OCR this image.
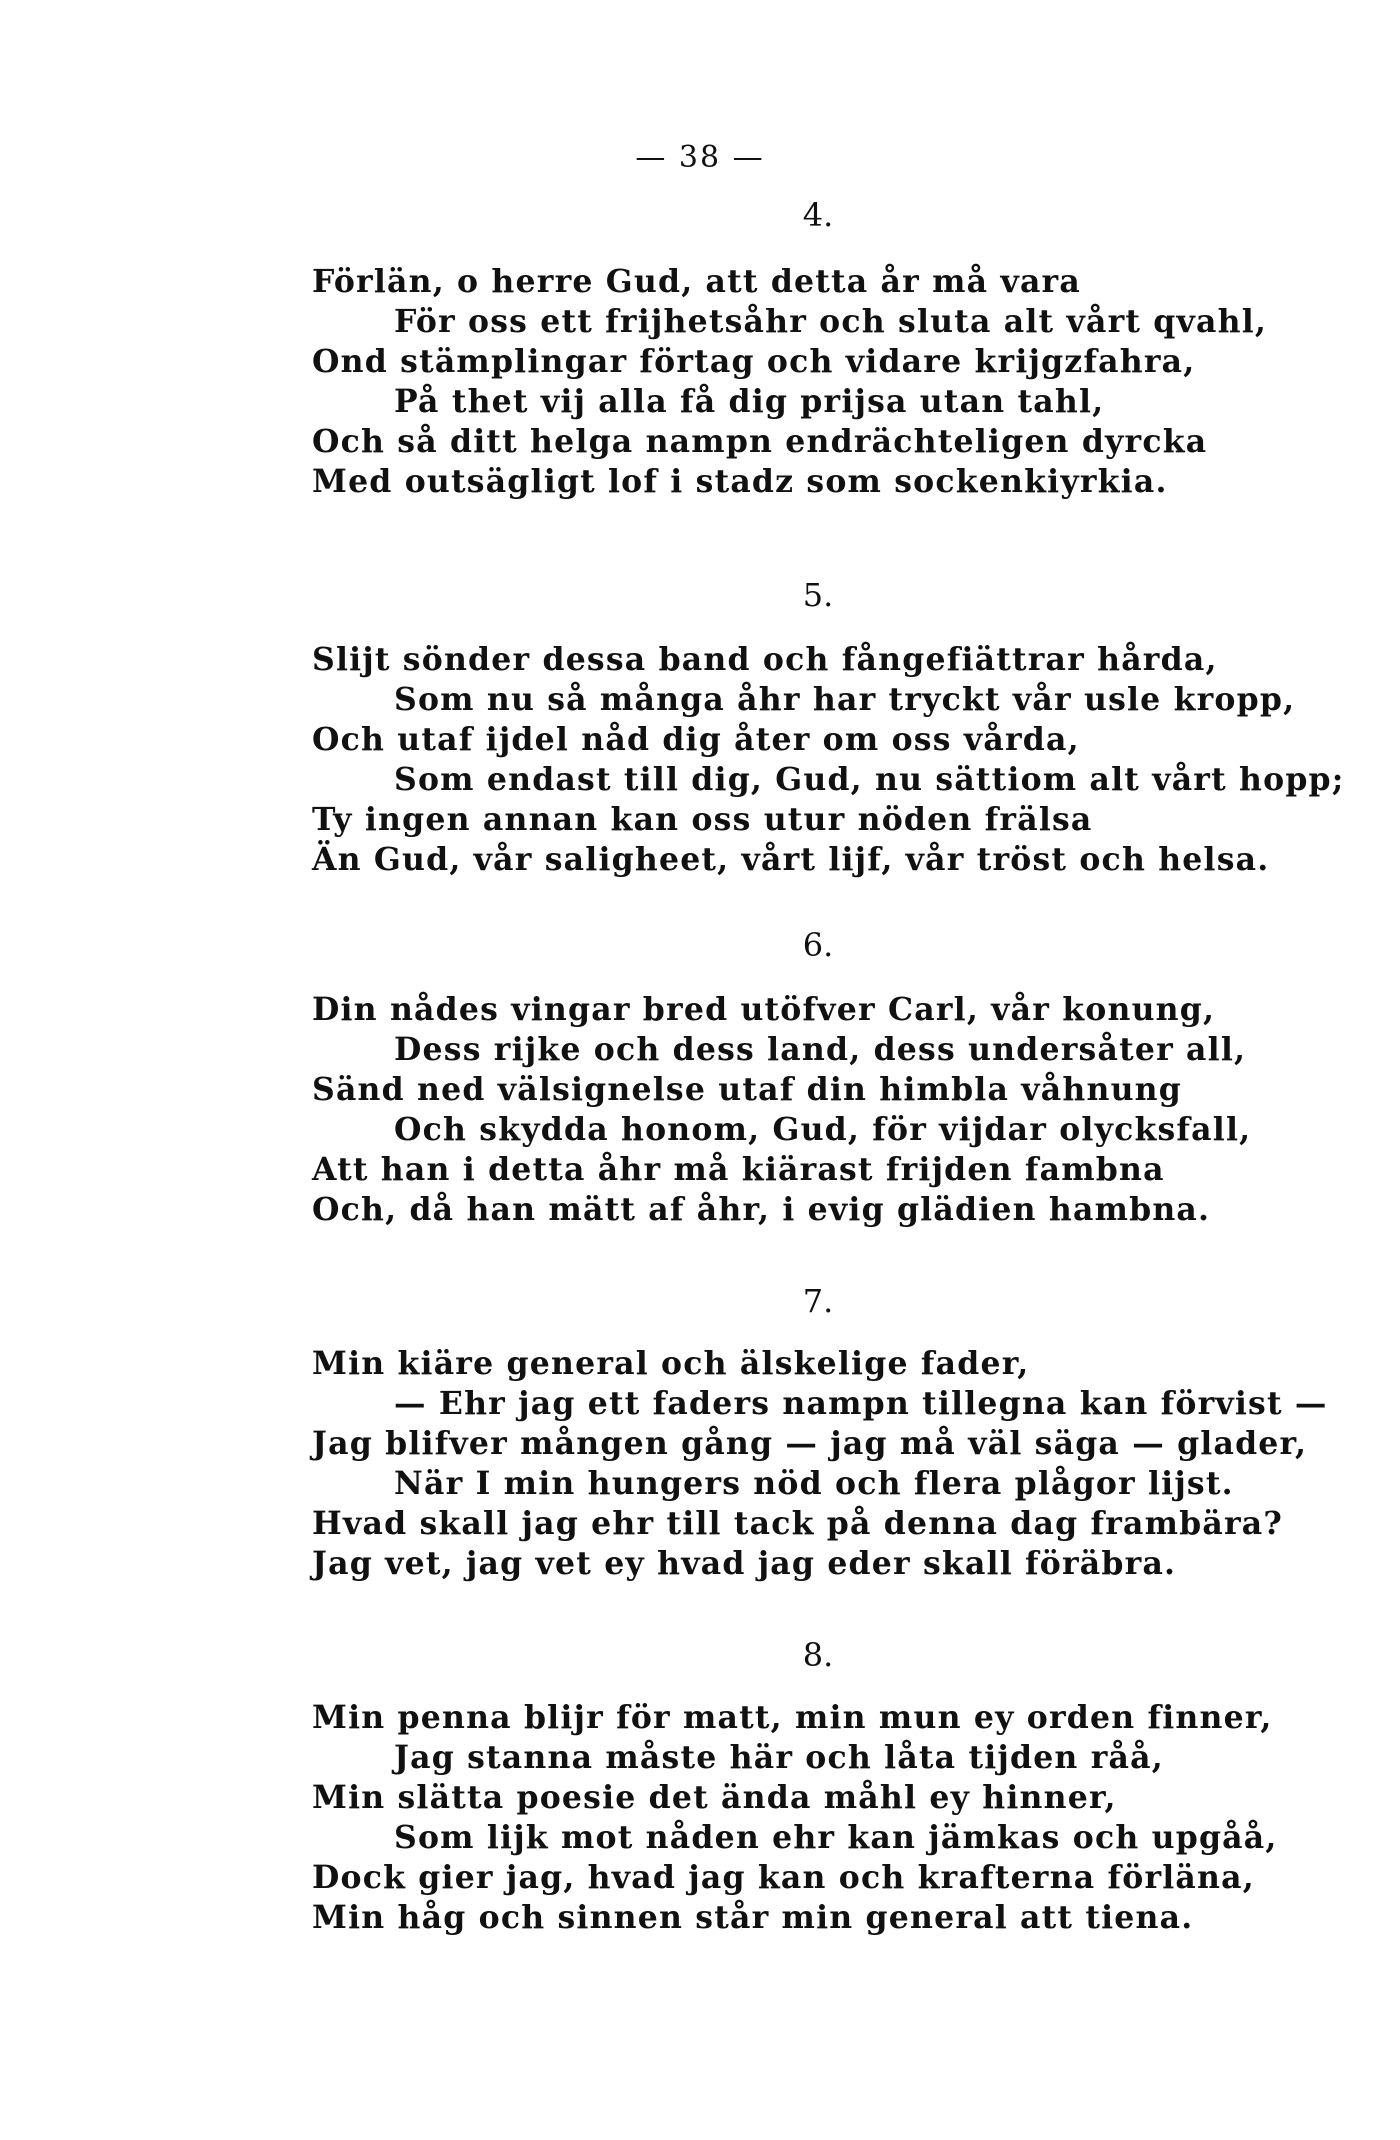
— 38 —
4.
Förlän, o herre Gud, att detta år må vara
För oss ett frijhetsåhr och sluta alt vårt qvahl,
Ond stämplingar förtag och vidare krijgzfahra,
På thet vij alla få dig prijsa utan tahl,
Och så ditt helga nampn endrächteligen dyrcka
Med outsägligt lof i stadz som sockenkiyrkia.
5.
Slijt sönder dessa band och fångefiättrar hårda,
Som nu så många åhr har tryckt vår usle kropp,
Och utaf ijdel nåd dig åter om oss vårda,
Som endast till dig, Gud, nu sättiom alt vårt hopp;
Ty ingen annan kan oss utur nöden frälsa
Än Gud, vår saligheet, vårt lijf, vår tröst och helsa.
6.
Din nådes vingar bred utöfver Carl, vår konung,
Dess rijke och dess land, dess undersåter all,
Sänd ned välsignelse utaf din himbla våhnung
Och skydda honom, Gud, för vijdar olycksfall,
Att han i detta åhr må kiärast frijden fambna
Och, då han mätt af åhr, i evig glädien hambna.
7.
Min kiäre general och älskelige fader,
— Ehr jag ett faders nampn tillegna kan förvist —
Jag blifver mången gång — jag må väl säga — glader,
När I min hungers nöd och flera plågor lijst.
Hvad skall jag ehr till tack på denna dag frambära?
Jag vet, jag vet ey hvad jag eder skall föräbra.
8.
Min penna blijr för matt, min mun ey orden finner,
Jag stanna måste här och låta tijden råå,
Min slätta poesie det ända måhl ey hinner,
Som lijk mot nåden ehr kan jämkas och upgåå,
Dock gier jag, hvad jag kan och krafterna förläna,
Min håg och sinnen står min general att tiena.
